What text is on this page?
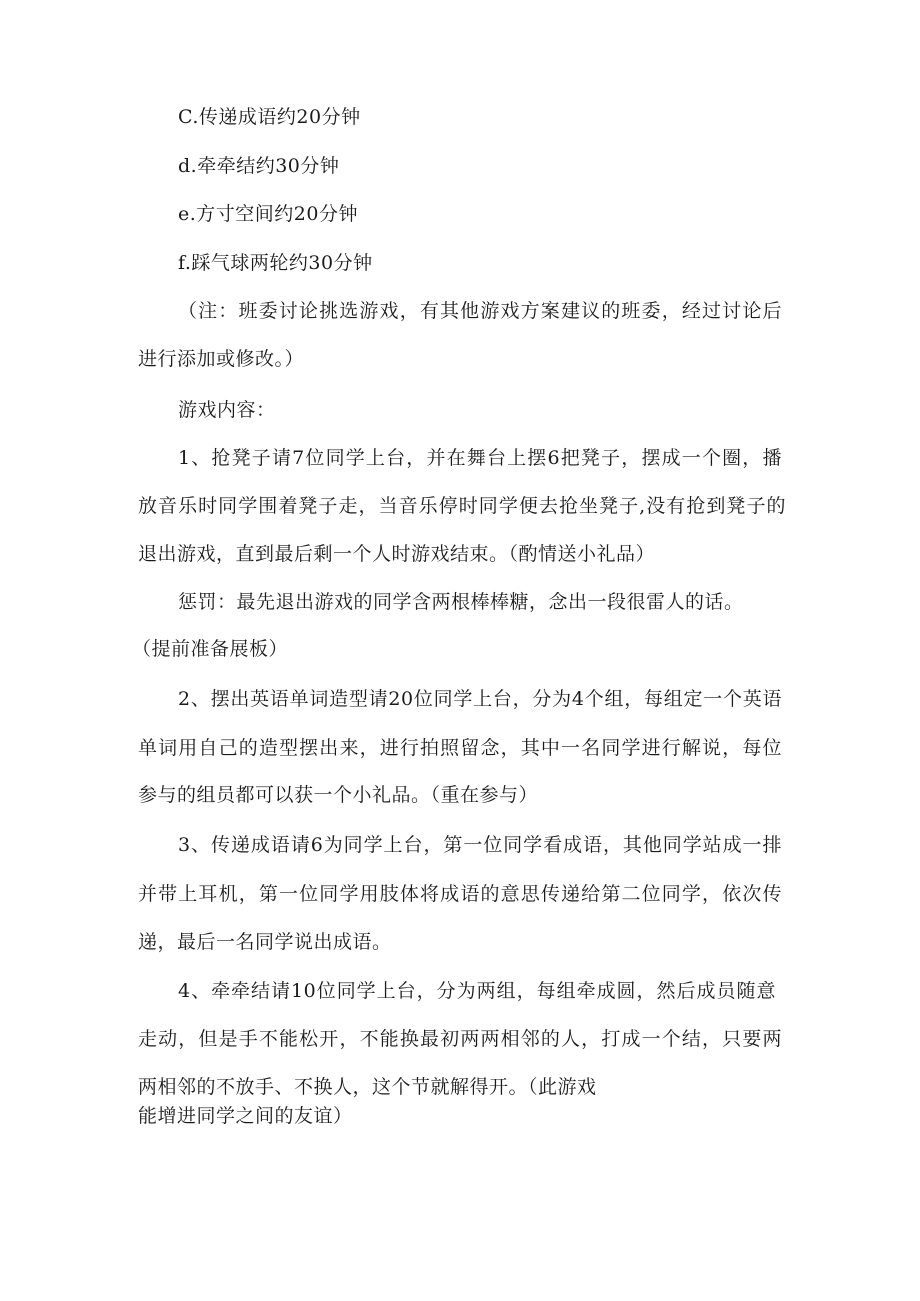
C.传递成语约20分钟
d.牵牵结约30分钟
e.方寸空间约20分钟
f.踩气球两轮约30分钟
（注：班委讨论挑选游戏，有其他游戏方案建议的班委，经过讨论后
进行添加或修改。）
游戏内容：
1、抢凳子请7位同学上台，并在舞台上摆6把凳子，摆成一个圈，播
放音乐时同学围着凳子走，当音乐停时同学便去抢坐凳子,没有抢到凳子的
退出游戏，直到最后剩一个人时游戏结束。（酌情送小礼品）
惩罚：最先退出游戏的同学含两根棒棒糖，念出一段很雷人的话。
（提前准备展板）
2、摆出英语单词造型请20位同学上台，分为4个组，每组定一个英语
单词用自己的造型摆出来，进行拍照留念，其中一名同学进行解说，每位
参与的组员都可以获一个小礼品。（重在参与）
3、传递成语请6为同学上台，第一位同学看成语，其他同学站成一排
并带上耳机，第一位同学用肢体将成语的意思传递给第二位同学，依次传
递，最后一名同学说出成语。
4、牵牵结请10位同学上台，分为两组，每组牵成圆，然后成员随意
走动，但是手不能松开，不能换最初两两相邻的人，打成一个结，只要两
两相邻的不放手、不换人，这个节就解得开。（此游戏
能增进同学之间的友谊）
